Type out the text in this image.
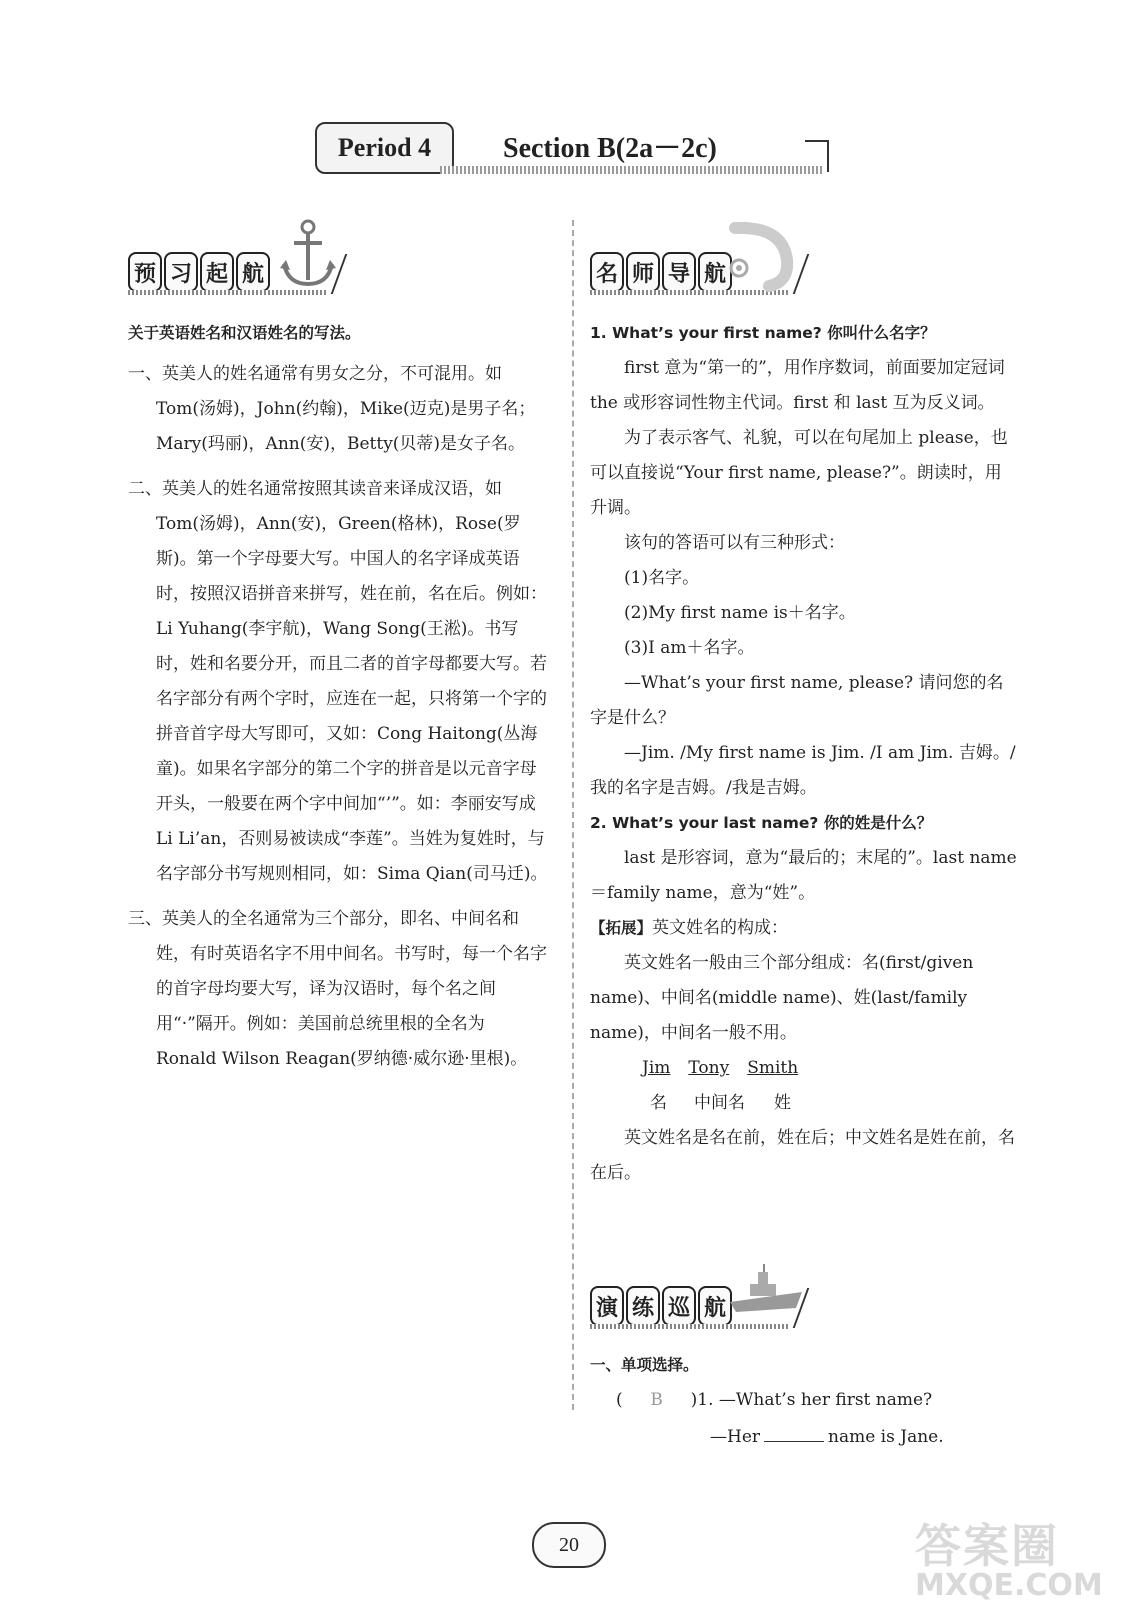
Period 4	Section B(2a－2c)
预 习 起 航	名 师 导 航

关于英语姓名和汉语姓名的写法。

一、英美人的姓名通常有男女之分，不可混用。如Tom(汤姆)，John(约翰)，Mike(迈克)是男子名；Mary(玛丽)，Ann(安)，Betty(贝蒂)是女子名。

二、英美人的姓名通常按照其读音来译成汉语，如Tom(汤姆)，Ann(安)，Green(格林)，Rose(罗斯)。第一个字母要大写。中国人的名字译成英语时，按照汉语拼音来拼写，姓在前，名在后。例如：Li Yuhang(李宇航)，Wang Song(王淞)。书写时，姓和名要分开，而且二者的首字母都要大写。若名字部分有两个字时，应连在一起，只将第一个字的拼音首字母大写即可，又如：Cong Haitong(丛海童)。如果名字部分的第二个字的拼音是以元音字母开头，一般要在两个字中间加“’”。如：李丽安写成 Li Li’an，否则易被读成“李莲”。当姓为复姓时，与名字部分书写规则相同，如：Sima Qian(司马迁)。

三、英美人的全名通常为三个部分，即名、中间名和姓，有时英语名字不用中间名。书写时，每一个名字的首字母均要大写，译为汉语时，每个名之间用“·”隔开。例如：美国前总统里根的全名为 Ronald Wilson Reagan(罗纳德·威尔逊·里根)。

1. What’s your first name? 你叫什么名字？

first 意为“第一的”，用作序数词，前面要加定冠词 the 或形容词性物主代词。first 和 last 互为反义词。

为了表示客气、礼貌，可以在句尾加上 please，也可以直接说“Your first name, please?”。朗读时，用升调。

该句的答语可以有三种形式：

(1)名字。

(2)My first name is＋名字。

(3)I am＋名字。

—What’s your first name, please? 请问您的名字是什么？

—Jim. /My first name is Jim. /I am Jim. 吉姆。/我的名字是吉姆。/我是吉姆。

2. What’s your last name? 你的姓是什么？

last 是形容词，意为“最后的；末尾的”。last name＝family name，意为“姓”。

【拓展】英文姓名的构成：

英文姓名一般由三个部分组成：名(first/given name)、中间名(middle name)、姓(last/family name)，中间名一般不用。

Jim Tony Smith
名	中间名	姓

英文姓名是名在前，姓在后；中文姓名是姓在前，名在后。

演 练 巡 航
一、单项选择。
(	B	)1. —What’s her first name?
—Her	name is Jane.
20	答案圈
MXQE.COM
